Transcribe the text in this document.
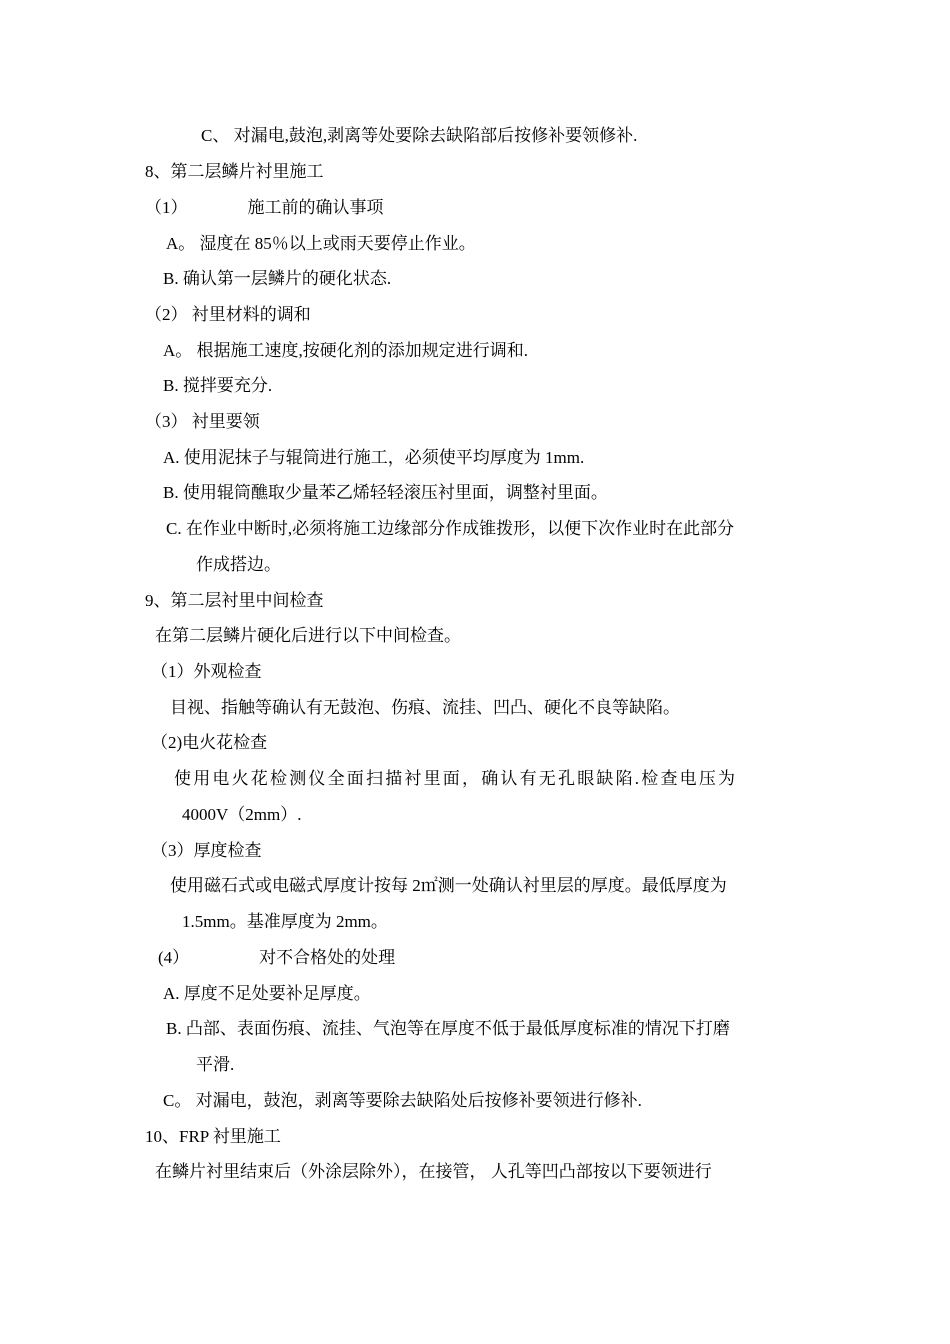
C、 对漏电,鼓泡,剥离等处要除去缺陷部后按修补要领修补.
8、第二层鳞片衬里施工
（1）	施工前的确认事项
A。 湿度在 85％以上或雨天要停止作业。
B. 确认第一层鳞片的硬化状态.
（2） 衬里材料的调和
A。 根据施工速度,按硬化剂的添加规定进行调和.
B. 搅拌要充分.
（3） 衬里要领
A. 使用泥抹子与辊筒进行施工，必须使平均厚度为 1mm.
B. 使用辊筒醮取少量苯乙烯轻轻滚压衬里面，调整衬里面。
C. 在作业中断时,必须将施工边缘部分作成锥拨形，以便下次作业时在此部分
作成搭边。
9、第二层衬里中间检查
在第二层鳞片硬化后进行以下中间检查。
（1）外观检查
目视、指触等确认有无鼓泡、伤痕、流挂、凹凸、硬化不良等缺陷。
（2)电火花检查
使用电火花检测仪全面扫描衬里面，确认有无孔眼缺陷.检查电压为
4000V（2mm）.
（3）厚度检查
使用磁石式或电磁式厚度计按每 2㎡测一处确认衬里层的厚度。最低厚度为
1.5mm。基准厚度为 2mm。
(4）	对不合格处的处理
A. 厚度不足处要补足厚度。
B. 凸部、表面伤痕、流挂、气泡等在厚度不低于最低厚度标准的情况下打磨
平滑.
C。 对漏电，鼓泡，剥离等要除去缺陷处后按修补要领进行修补.
10、FRP 衬里施工
在鳞片衬里结束后（外涂层除外），在接管， 人孔等凹凸部按以下要领进行
